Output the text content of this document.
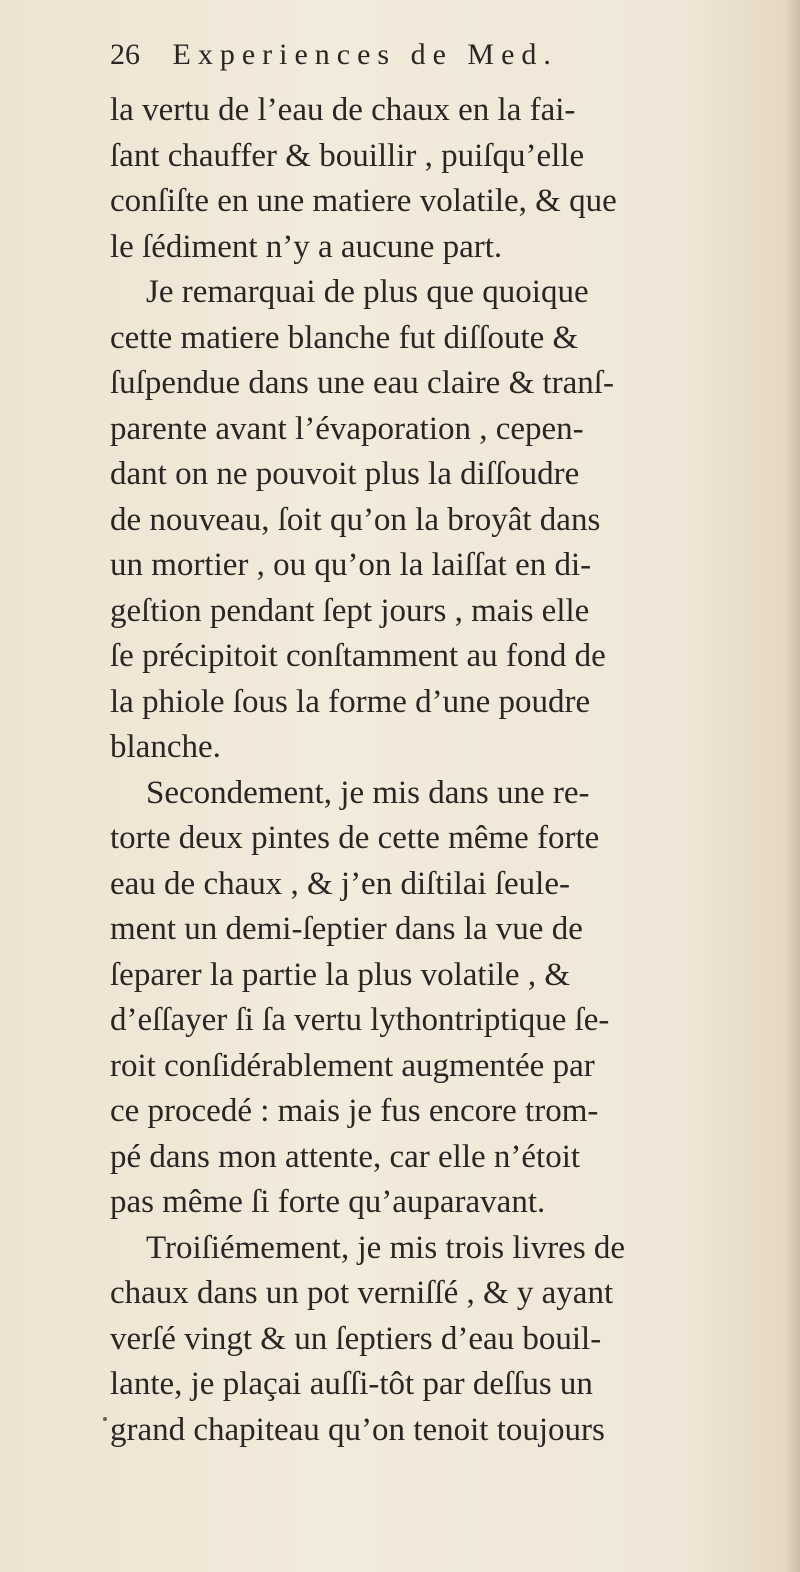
26 Experiences de Med.
la vertu de l’eau de chaux en la fai-
ſant chauffer & bouillir , puiſqu’elle
conſiſte en une matiere volatile, & que
le ſédiment n’y a aucune part.
Je remarquai de plus que quoique
cette matiere blanche fut diſſoute &
ſuſpendue dans une eau claire & tranſ-
parente avant l’évaporation , cepen-
dant on ne pouvoit plus la diſſoudre
de nouveau, ſoit qu’on la broyât dans
un mortier , ou qu’on la laiſſat en di-
geſtion pendant ſept jours , mais elle
ſe précipitoit conſtamment au fond de
la phiole ſous la forme d’une poudre
blanche.
Secondement, je mis dans une re-
torte deux pintes de cette même forte
eau de chaux , & j’en diſtilai ſeule-
ment un demi-ſeptier dans la vue de
ſeparer la partie la plus volatile , &
d’eſſayer ſi ſa vertu lythontriptique ſe-
roit conſidérablement augmentée par
ce procedé : mais je fus encore trom-
pé dans mon attente, car elle n’étoit
pas même ſi forte qu’auparavant.
Troiſiémement, je mis trois livres de
chaux dans un pot verniſſé , & y ayant
verſé vingt & un ſeptiers d’eau bouil-
lante, je plaçai auſſi-tôt par deſſus un
grand chapiteau qu’on tenoit toujours
